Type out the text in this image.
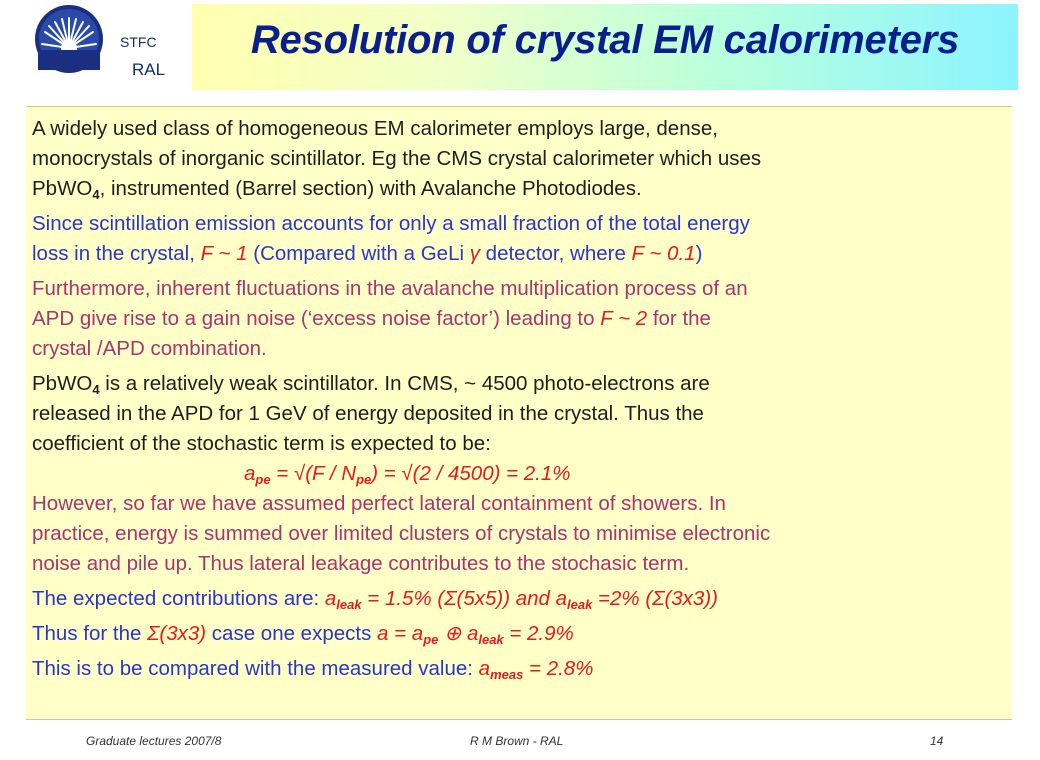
STFC
RAL
Resolution of crystal EM calorimeters

A widely used class of homogeneous EM calorimeter employs large, dense,
monocrystals of inorganic scintillator. Eg the CMS crystal calorimeter which uses
PbWO$_4$, instrumented (Barrel section) with Avalanche Photodiodes.

Since scintillation emission accounts for only a small fraction of the total energy
loss in the crystal, F ~ 1 (Compared with a GeLi γ detector, where F ~ 0.1)

Furthermore, inherent fluctuations in the avalanche multiplication process of an
APD give rise to a gain noise (‘excess noise factor’) leading to F ~ 2 for the
crystal /APD combination.

PbWO$_4$ is a relatively weak scintillator. In CMS, ~ 4500 photo-electrons are
released in the APD for 1 GeV of energy deposited in the crystal. Thus the
coefficient of the stochastic term is expected to be:

$a_{pe} = √(F / N_{pe}) = √(2 / 4500) = 2.1\%$

However, so far we have assumed perfect lateral containment of showers. In
practice, energy is summed over limited clusters of crystals to minimise electronic
noise and pile up. Thus lateral leakage contributes to the stochasic term.

The expected contributions are: $a_{leak} = 1.5\%$ (Σ(5x5)) and $a_{leak} =2\%$ (Σ(3x3))

Thus for the Σ(3x3) case one expects $a = a_{pe}$ ⊕ $a_{leak} = 2.9\%$

This is to be compared with the measured value: $a_{meas} = 2.8\%$

Graduate lectures 2007/8	R M Brown - RAL	14
